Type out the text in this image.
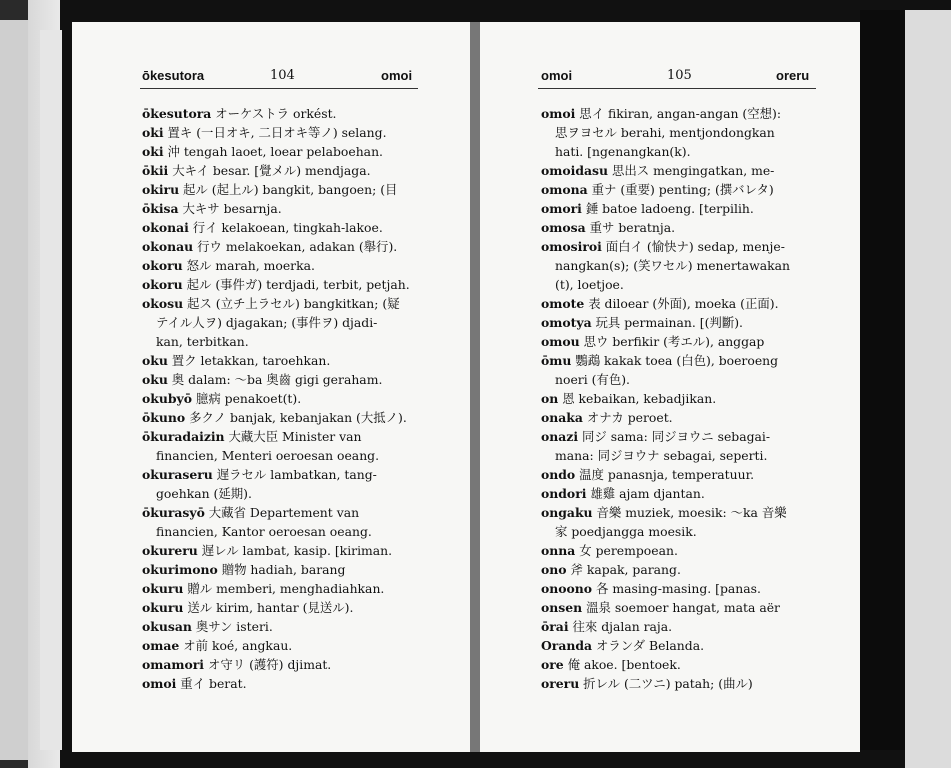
ōkesutora	104	omoi	omoi	105	oreru
ōkesutora オーケストラ orkést.
oki 置キ (一日オキ, 二日オキ等ノ) selang.
oki 沖 tengah laoet, loear pelaboehan.
ōkii 大キイ besar. [覺メル) mendjaga.
okiru 起ル (起上ル) bangkit, bangoen; (目
ōkisa 大キサ besarnja.
okonai 行イ kelakoean, tingkah-lakoe.
okonau 行ウ melakoekan, adakan (舉行).
okoru 怒ル marah, moerka.
okoru 起ル (事件ガ) terdjadi, terbit, petjah.
okosu 起ス (立チ上ラセル) bangkitkan; (疑
テイル人ヲ) djagakan; (事件ヲ) djadi-
kan, terbitkan.
oku 置ク letakkan, taroehkan.
oku 奥 dalam: ～ba 奥齒 gigi geraham.
okubyō 臆病 penakoet(t).
ōkuno 多クノ banjak, kebanjakan (大抵ノ).
ōkuradaizin 大藏大臣 Minister van
financien, Menteri oeroesan oeang.
okuraseru 遅ラセル lambatkan, tang-
goehkan (延期).
ōkurasyō 大藏省 Departement van
financien, Kantor oeroesan oeang.
okureru 遅レル lambat, kasip. [kiriman.
okurimono 贈物 hadiah, barang
okuru 贈ル memberi, menghadiahkan.
okuru 送ル kirim, hantar (見送ル).
okusan 奥サン isteri.
omae オ前 koé, angkau.
omamori オ守リ (護符) djimat.
omoi 重イ berat.
omoi 思イ fikiran, angan-angan (空想):
思ヲヨセル berahi, mentjondongkan
hati. [ngenangkan(k).
omoidasu 思出ス mengingatkan, me-
omona 重ナ (重要) penting; (撰バレタ)
omori 錘 batoe ladoeng. [terpilih.
omosa 重サ beratnja.
omosiroi 面白イ (愉快ナ) sedap, menje-
nangkan(s); (笑ワセル) menertawakan
(t), loetjoe.
omote 表 diloear (外面), moeka (正面).
omotya 玩具 permainan. [(判斷).
omou 思ウ berfikir (考エル), anggap
ōmu 鸚鵡 kakak toea (白色), boeroeng
noeri (有色).
on 恩 kebaikan, kebadjikan.
onaka オナカ peroet.
onazi 同ジ sama: 同ジヨウニ sebagai-
mana: 同ジヨウナ sebagai, seperti.
ondo 温度 panasnja, temperatuur.
ondori 雄雞 ajam djantan.
ongaku 音樂 muziek, moesik: ～ka 音樂
家 poedjangga moesik.
onna 女 perempoean.
ono 斧 kapak, parang.
onoono 各 masing-masing. [panas.
onsen 溫泉 soemoer hangat, mata aër
ōrai 往來 djalan raja.
Oranda オランダ Belanda.
ore 俺 akoe. [bentoek.
oreru 折レル (二ツニ) patah; (曲ル)
